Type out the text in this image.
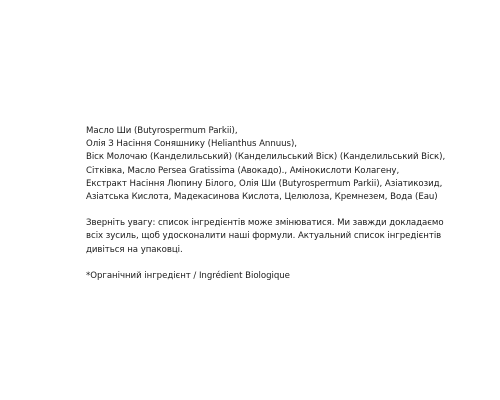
Масло Ши (Butyrospermum Parkii),
Олія З Насіння Соняшнику (Helianthus Annuus),
Віск Молочаю (Канделильський) (Канделильський Віск) (Канделильський Віск),
Сітківка, Масло Persea Gratissima (Авокадо)., Амінокислоти Колагену,
Екстракт Насіння Люпину Білого, Олія Ши (Butyrospermum Parkii), Азіатикозид,
Азіатська Кислота, Мадекасинова Кислота, Целюлоза, Кремнезем, Вода (Eau)

Зверніть увагу: список інгредієнтів може змінюватися. Ми завжди докладаємо
всіх зусиль, щоб удосконалити наші формули. Актуальний список інгредієнтів
дивіться на упаковці.

*Органічний інгредієнт / Ingrédient Biologique
